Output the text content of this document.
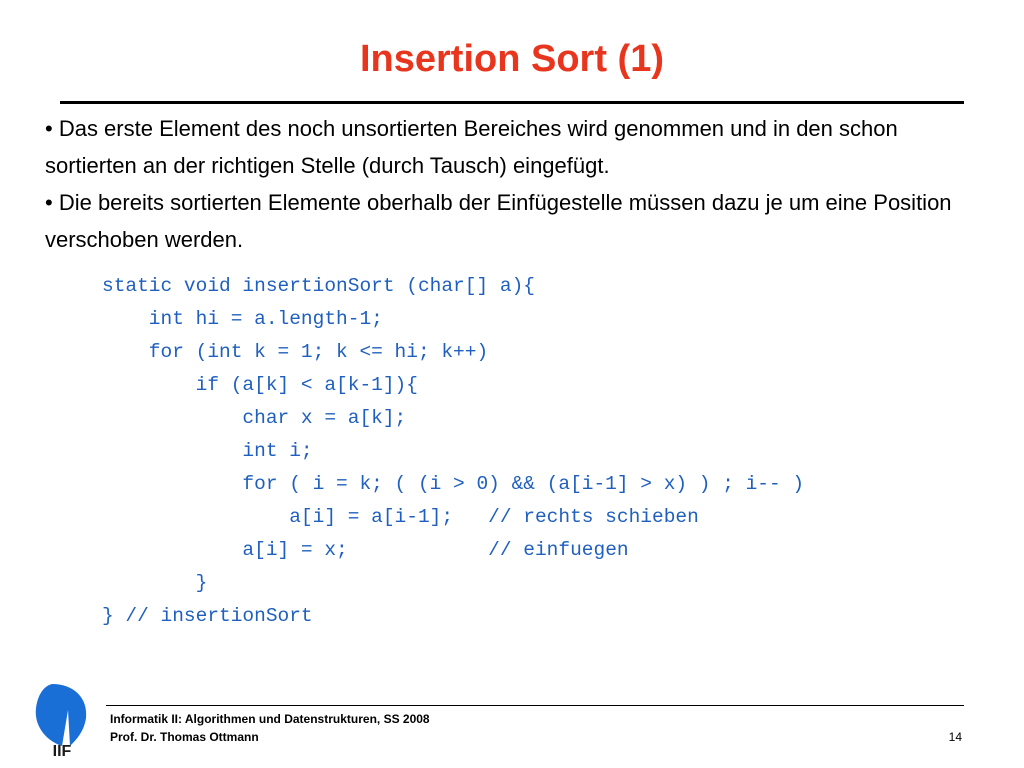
Insertion Sort (1)
• Das erste Element des noch unsortierten Bereiches wird genommen und in den schon sortierten an der richtigen Stelle (durch Tausch) eingefügt.
• Die bereits sortierten Elemente oberhalb der Einfügestelle müssen dazu je um eine Position verschoben werden.
static void insertionSort (char[] a){
int hi = a.length-1;
for (int k = 1; k <= hi; k++)
if (a[k] < a[k-1]){
char x = a[k];
int i;
for ( i = k; ( (i > 0) && (a[i-1] > x) ) ; i-- )
a[i] = a[i-1];   // rechts schieben
a[i] = x;            // einfuegen
}
} // insertionSort
IIF
Informatik II: Algorithmen und Datenstrukturen, SS 2008
Prof. Dr. Thomas Ottmann	14
